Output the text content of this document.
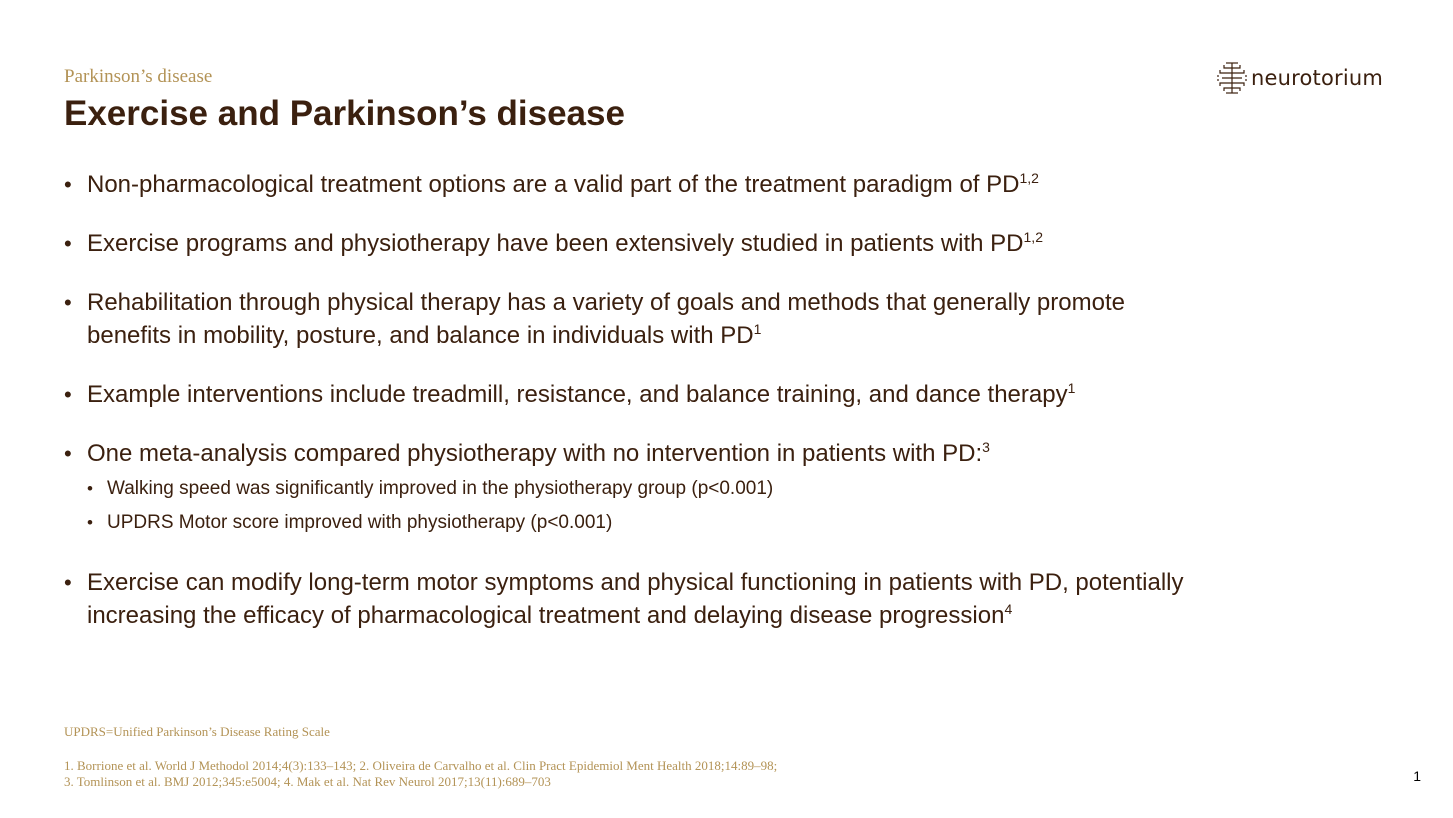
Parkinson’s disease
Exercise and Parkinson’s disease
neurotorium
• Non-pharmacological treatment options are a valid part of the treatment paradigm of PD$^{1,2}$
• Exercise programs and physiotherapy have been extensively studied in patients with PD$^{1,2}$
• Rehabilitation through physical therapy has a variety of goals and methods that generally promote benefits in mobility, posture, and balance in individuals with $PD^1$
• Example interventions include treadmill, resistance, and balance training, and dance therapy$^1$
• One meta-analysis compared physiotherapy with no intervention in patients with PD:$^3$
• Walking speed was significantly improved in the physiotherapy group (p<0.001)
• UPDRS Motor score improved with physiotherapy (p<0.001)
• Exercise can modify long-term motor symptoms and physical functioning in patients with PD, potentially increasing the efficacy of pharmacological treatment and delaying disease progression$^4$
UPDRS=Unified Parkinson’s Disease Rating Scale
1. Borrione et al. World J Methodol 2014;4(3):133–143; 2. Oliveira de Carvalho et al. Clin Pract Epidemiol Ment Health 2018;14:89–98;
3. Tomlinson et al. BMJ 2012;345:e5004; 4. Mak et al. Nat Rev Neurol 2017;13(11):689–703	1
